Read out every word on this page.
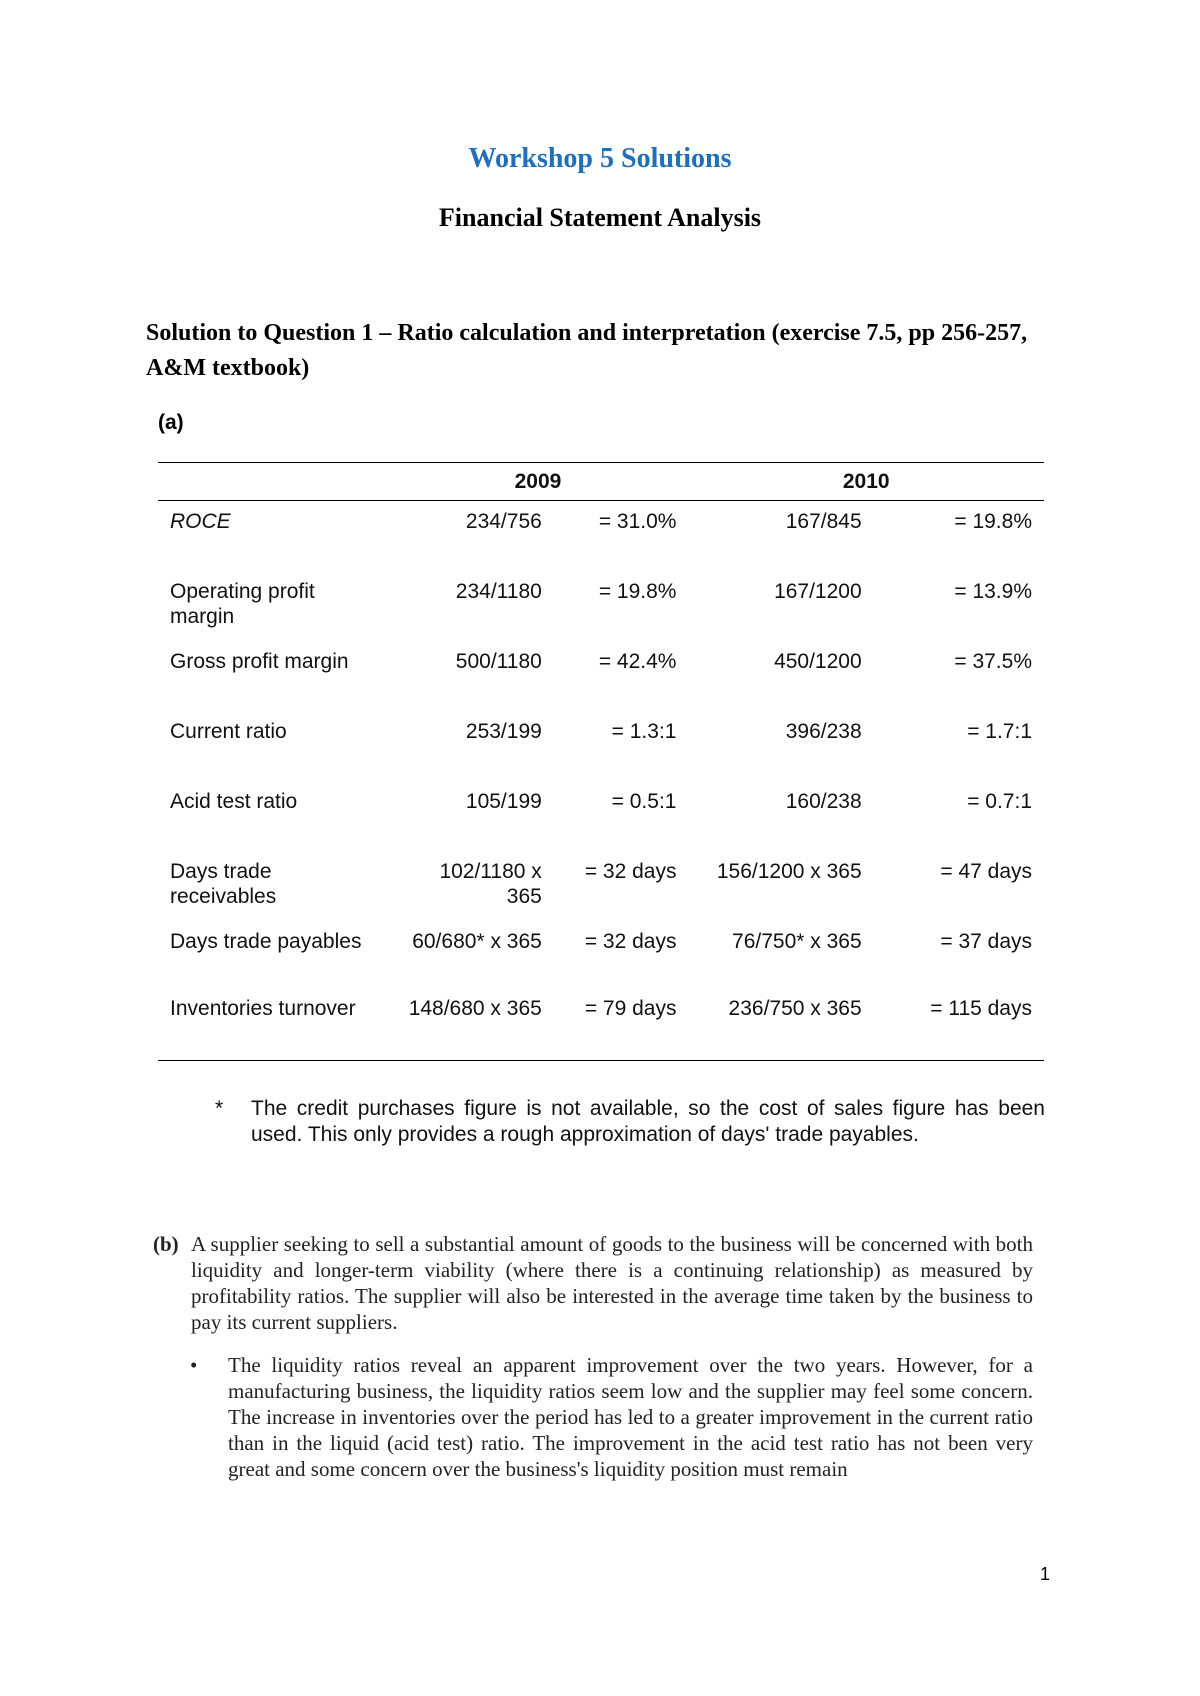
Workshop 5 Solutions
Financial Statement Analysis

Solution to Question 1 – Ratio calculation and interpretation (exercise 7.5, pp 256-257, A&M textbook)

(a)
	2009		2010	
ROCE	234/756	= 31.0%	167/845	= 19.8%
Operating profit margin	234/1180	= 19.8%	167/1200	= 13.9%
Gross profit margin	500/1180	= 42.4%	450/1200	= 37.5%
Current ratio	253/199	= 1.3:1	396/238	= 1.7:1
Acid test ratio	105/199	= 0.5:1	160/238	= 0.7:1
Days trade receivables	102/1180 x 365	= 32 days	156/1200 x 365	= 47 days
Days trade payables	60/680* x 365	= 32 days	76/750* x 365	= 37 days
Inventories turnover	148/680 x 365	= 79 days	236/750 x 365	= 115 days
* The credit purchases figure is not available, so the cost of sales figure has been used. This only provides a rough approximation of days' trade payables.
(b) A supplier seeking to sell a substantial amount of goods to the business will be concerned with both liquidity and longer-term viability (where there is a continuing relationship) as measured by profitability ratios. The supplier will also be interested in the average time taken by the business to pay its current suppliers.
• The liquidity ratios reveal an apparent improvement over the two years. However, for a manufacturing business, the liquidity ratios seem low and the supplier may feel some concern. The increase in inventories over the period has led to a greater improvement in the current ratio than in the liquid (acid test) ratio. The improvement in the acid test ratio has not been very great and some concern over the business's liquidity position must remain
1
